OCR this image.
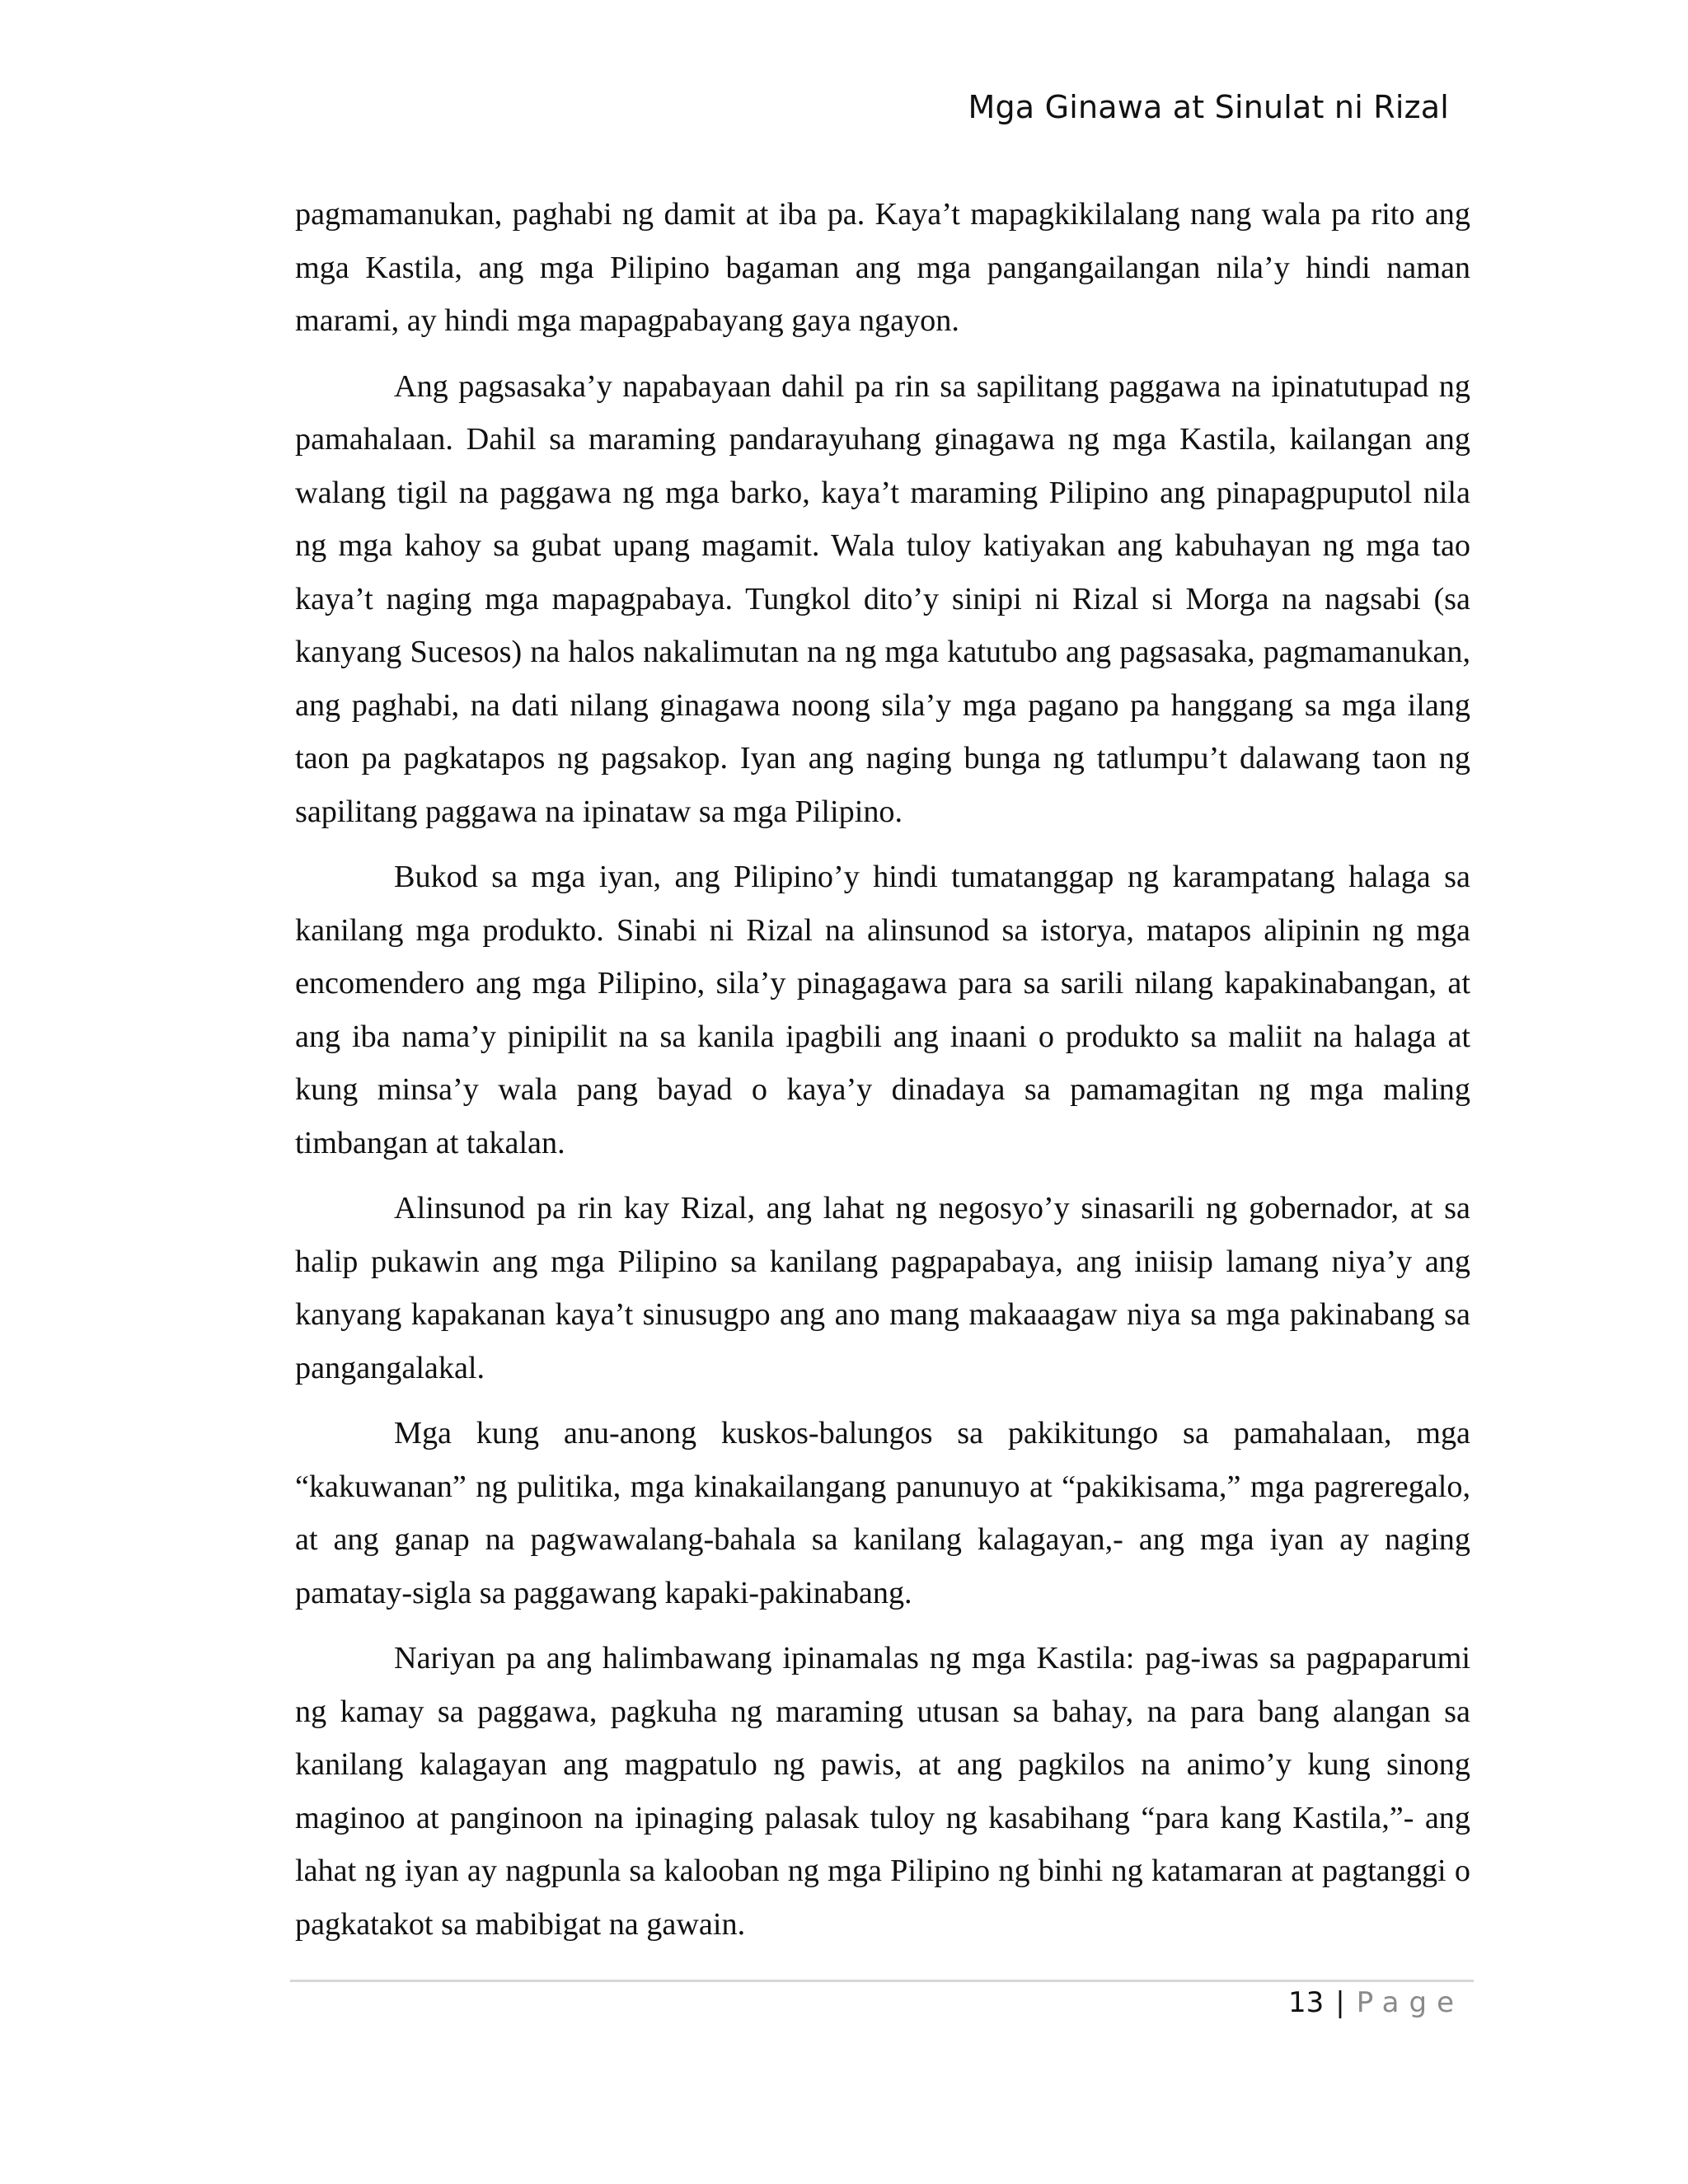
Mga Ginawa at Sinulat ni Rizal

pagmamanukan, paghabi ng damit at iba pa. Kaya’t mapagkikilalang nang wala pa rito ang mga Kastila, ang mga Pilipino bagaman ang mga pangangailangan nila’y hindi naman marami, ay hindi mga mapagpabayang gaya ngayon.

Ang pagsasaka’y napabayaan dahil pa rin sa sapilitang paggawa na ipinatutupad ng pamahalaan. Dahil sa maraming pandarayuhang ginagawa ng mga Kastila, kailangan ang walang tigil na paggawa ng mga barko, kaya’t maraming Pilipino ang pinapagpuputol nila ng mga kahoy sa gubat upang magamit. Wala tuloy katiyakan ang kabuhayan ng mga tao kaya’t naging mga mapagpabaya. Tungkol dito’y sinipi ni Rizal si Morga na nagsabi (sa kanyang Sucesos) na halos nakalimutan na ng mga katutubo ang pagsasaka, pagmamanukan, ang paghabi, na dati nilang ginagawa noong sila’y mga pagano pa hanggang sa mga ilang taon pa pagkatapos ng pagsakop. Iyan ang naging bunga ng tatlumpu’t dalawang taon ng sapilitang paggawa na ipinataw sa mga Pilipino.

Bukod sa mga iyan, ang Pilipino’y hindi tumatanggap ng karampatang halaga sa kanilang mga produkto. Sinabi ni Rizal na alinsunod sa istorya, matapos alipinin ng mga encomendero ang mga Pilipino, sila’y pinagagawa para sa sarili nilang kapakinabangan, at ang iba nama’y pinipilit na sa kanila ipagbili ang inaani o produkto sa maliit na halaga at kung minsa’y wala pang bayad o kaya’y dinadaya sa pamamagitan ng mga maling timbangan at takalan.

Alinsunod pa rin kay Rizal, ang lahat ng negosyo’y sinasarili ng gobernador, at sa halip pukawin ang mga Pilipino sa kanilang pagpapabaya, ang iniisip lamang niya’y ang kanyang kapakanan kaya’t sinusugpo ang ano mang makaaagaw niya sa mga pakinabang sa pangangalakal.

Mga kung anu-anong kuskos-balungos sa pakikitungo sa pamahalaan, mga “kakuwanan” ng pulitika, mga kinakailangang panunuyo at “pakikisama,” mga pagreregalo, at ang ganap na pagwawalang-bahala sa kanilang kalagayan,- ang mga iyan ay naging pamatay-sigla sa paggawang kapaki-pakinabang.

Nariyan pa ang halimbawang ipinamalas ng mga Kastila: pag-iwas sa pagpaparumi ng kamay sa paggawa, pagkuha ng maraming utusan sa bahay, na para bang alangan sa kanilang kalagayan ang magpatulo ng pawis, at ang pagkilos na animo’y kung sinong maginoo at panginoon na ipinaging palasak tuloy ng kasabihang “para kang Kastila,”- ang lahat ng iyan ay nagpunla sa kalooban ng mga Pilipino ng binhi ng katamaran at pagtanggi o pagkatakot sa mabibigat na gawain.

13 | Page
